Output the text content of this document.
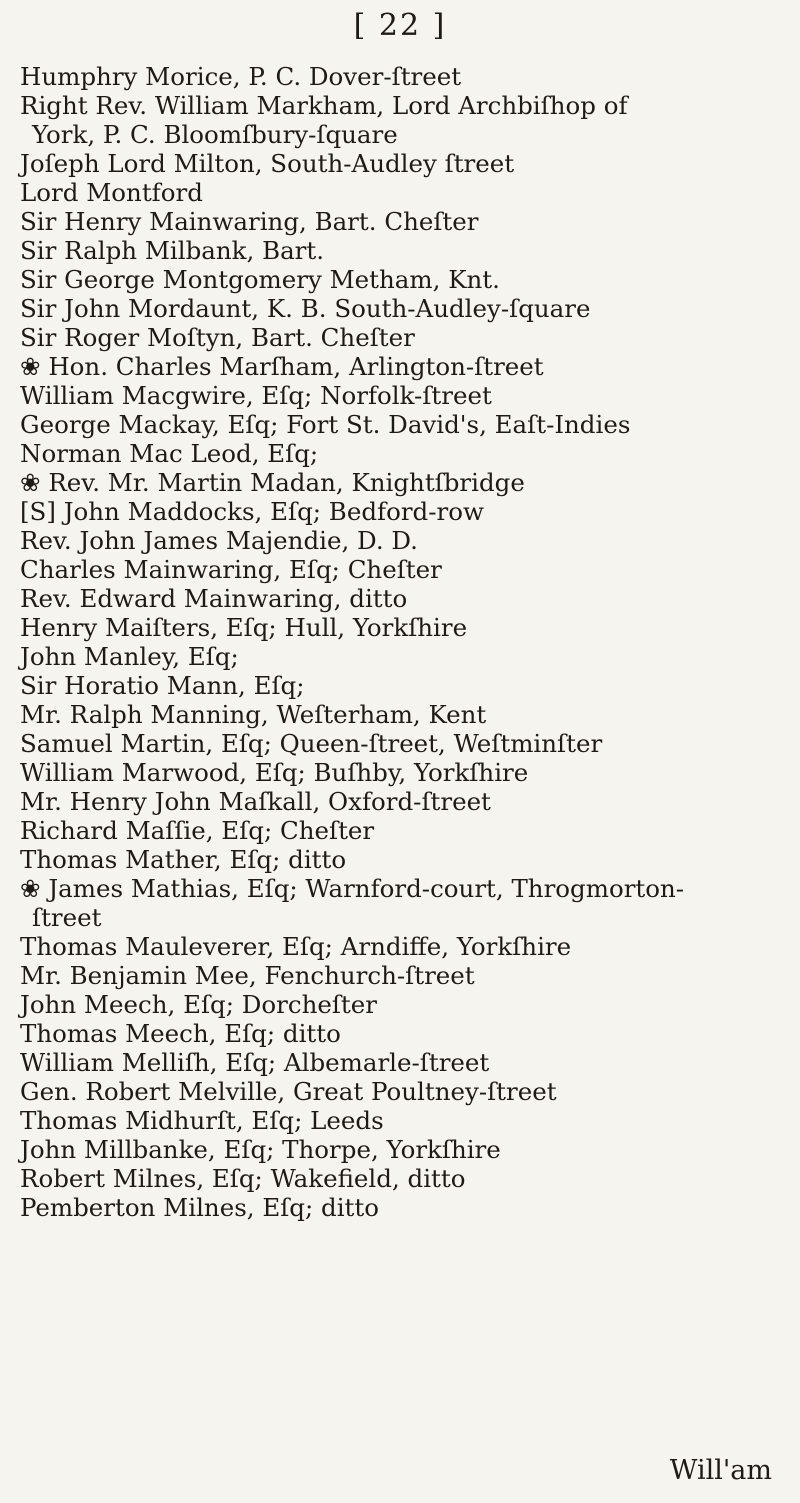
[ 22 ]
Humphry Morice, P. C. Dover-ſtreet
Right Rev. William Markham, Lord Archbiſhop of
York, P. C. Bloomſbury-ſquare
Joſeph Lord Milton, South-Audley ſtreet
Lord Montford
Sir Henry Mainwaring, Bart. Cheſter
Sir Ralph Milbank, Bart.
Sir George Montgomery Metham, Knt.
Sir John Mordaunt, K. B. South-Audley-ſquare
Sir Roger Moſtyn, Bart. Cheſter
❀ Hon. Charles Marſham, Arlington-ſtreet
William Macgwire, Eſq; Norfolk-ſtreet
George Mackay, Eſq; Fort St. David's, Eaſt-Indies
Norman Mac Leod, Eſq;
❀ Rev. Mr. Martin Madan, Knightſbridge
[S] John Maddocks, Eſq; Bedford-row
Rev. John James Majendie, D. D.
Charles Mainwaring, Eſq; Cheſter
Rev. Edward Mainwaring, ditto
Henry Maiſters, Eſq; Hull, Yorkſhire
John Manley, Eſq;
Sir Horatio Mann, Eſq;
Mr. Ralph Manning, Weſterham, Kent
Samuel Martin, Eſq; Queen-ſtreet, Weſtminſter
William Marwood, Eſq; Buſhby, Yorkſhire
Mr. Henry John Maſkall, Oxford-ſtreet
Richard Maſſie, Eſq; Cheſter
Thomas Mather, Eſq; ditto
❀ James Mathias, Eſq; Warnford-court, Throgmorton-
ſtreet
Thomas Mauleverer, Eſq; Arndiffe, Yorkſhire
Mr. Benjamin Mee, Fenchurch-ſtreet
John Meech, Eſq; Dorcheſter
Thomas Meech, Eſq; ditto
William Melliſh, Eſq; Albemarle-ſtreet
Gen. Robert Melville, Great Poultney-ſtreet
Thomas Midhurſt, Eſq; Leeds
John Millbanke, Eſq; Thorpe, Yorkſhire
Robert Milnes, Eſq; Wakefield, ditto
Pemberton Milnes, Eſq; ditto
Will'am
